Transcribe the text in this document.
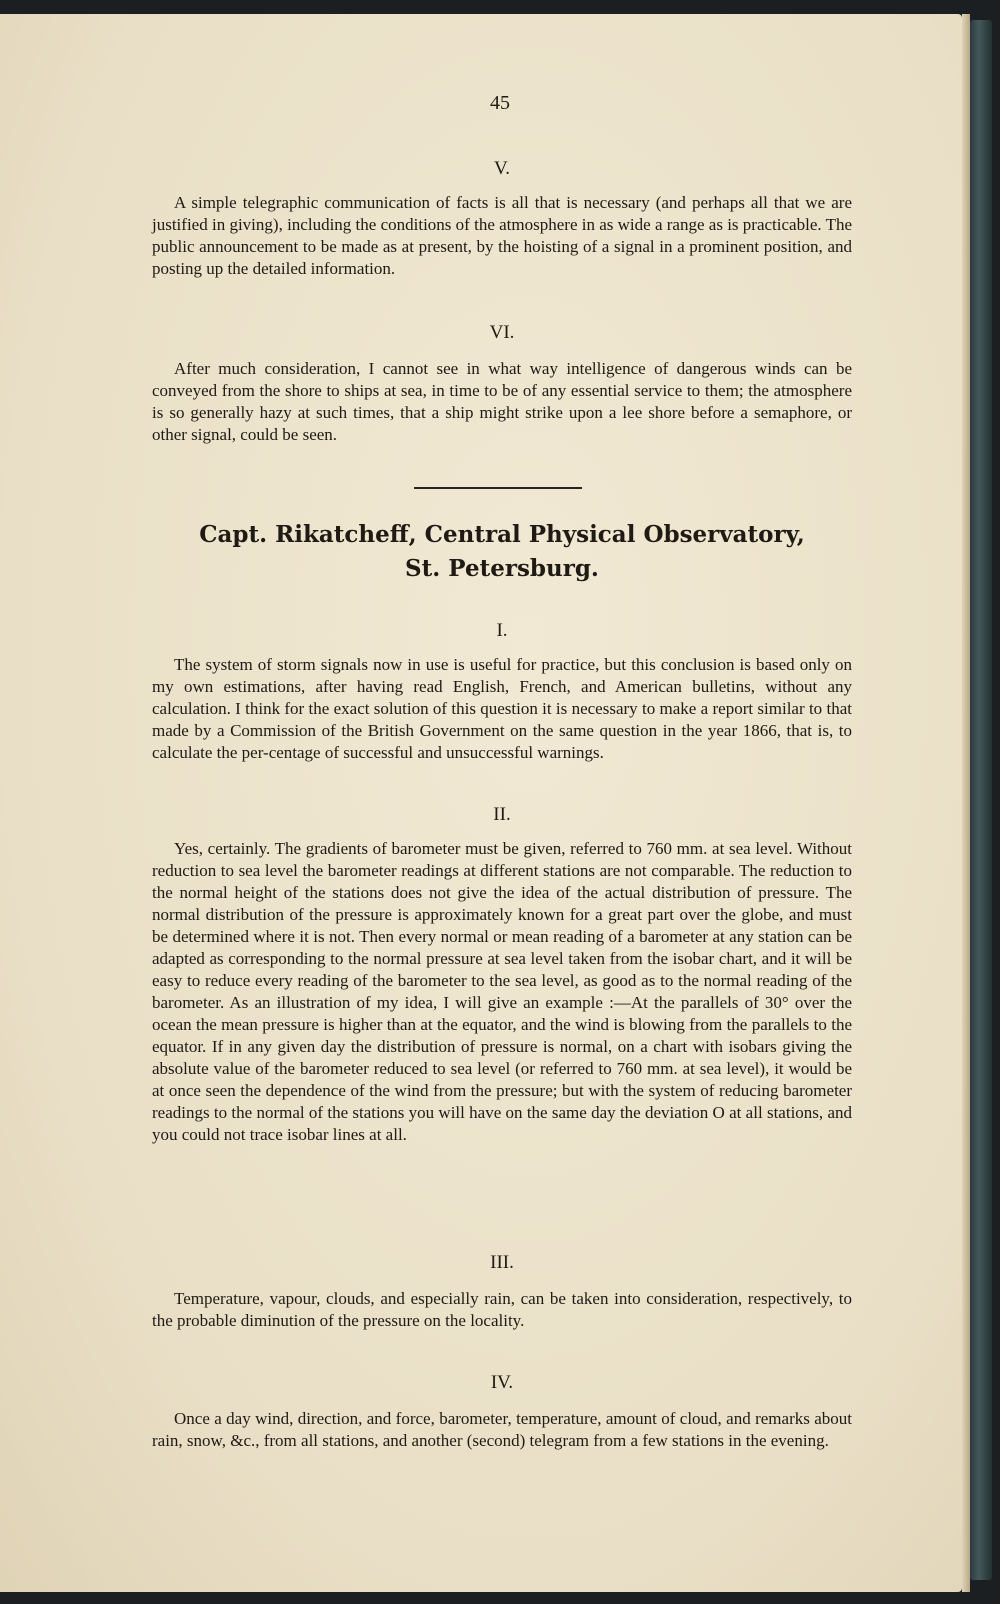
45
V.

A simple telegraphic communication of facts is all that is necessary (and perhaps all that we are justified in giving), including the conditions of the atmosphere in as wide a range as is practicable. The public announcement to be made as at present, by the hoisting of a signal in a prominent position, and posting up the detailed information.

VI.

After much consideration, I cannot see in what way intelligence of dangerous winds can be conveyed from the shore to ships at sea, in time to be of any essential service to them; the atmosphere is so generally hazy at such times, that a ship might strike upon a lee shore before a semaphore, or other signal, could be seen.

Capt. Rikatcheff, Central Physical Observatory,
St. Petersburg.
I.

The system of storm signals now in use is useful for practice, but this conclusion is based only on my own estimations, after having read English, French, and American bulletins, without any calculation. I think for the exact solution of this question it is necessary to make a report similar to that made by a Commission of the British Government on the same question in the year 1866, that is, to calculate the per-centage of successful and unsuccessful warnings.

II.

Yes, certainly. The gradients of barometer must be given, referred to 760 mm. at sea level. Without reduction to sea level the barometer readings at different stations are not comparable. The reduction to the normal height of the stations does not give the idea of the actual distribution of pressure. The normal distribution of the pressure is approximately known for a great part over the globe, and must be determined where it is not. Then every normal or mean reading of a barometer at any station can be adapted as corresponding to the normal pressure at sea level taken from the isobar chart, and it will be easy to reduce every reading of the barometer to the sea level, as good as to the normal reading of the barometer. As an illustration of my idea, I will give an example :—At the parallels of 30° over the ocean the mean pressure is higher than at the equator, and the wind is blowing from the parallels to the equator. If in any given day the distribution of pressure is normal, on a chart with isobars giving the absolute value of the barometer reduced to sea level (or referred to 760 mm. at sea level), it would be at once seen the dependence of the wind from the pressure; but with the system of reducing barometer readings to the normal of the stations you will have on the same day the deviation O at all stations, and you could not trace isobar lines at all.

III.

Temperature, vapour, clouds, and especially rain, can be taken into consideration, respectively, to the probable diminution of the pressure on the locality.

IV.

Once a day wind, direction, and force, barometer, temperature, amount of cloud, and remarks about rain, snow, &c., from all stations, and another (second) telegram from a few stations in the evening.
